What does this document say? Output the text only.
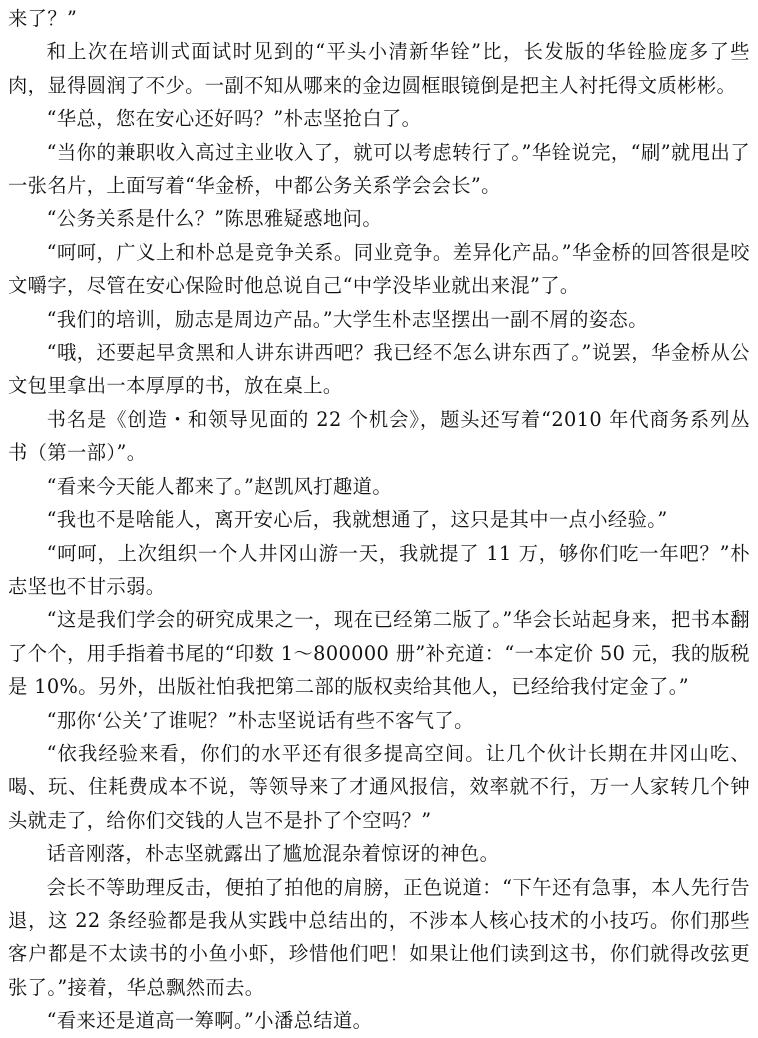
来了？”

和上次在培训式面试时见到的“平头小清新华铨”比，长发版的华铨脸庞多了些肉，显得圆润了不少。一副不知从哪来的金边圆框眼镜倒是把主人衬托得文质彬彬。

“华总，您在安心还好吗？”朴志坚抢白了。

“当你的兼职收入高过主业收入了，就可以考虑转行了。”华铨说完，“刷”就甩出了一张名片，上面写着“华金桥，中都公务关系学会会长”。

“公务关系是什么？”陈思雅疑惑地问。

“呵呵，广义上和朴总是竞争关系。同业竞争。差异化产品。”华金桥的回答很是咬文嚼字，尽管在安心保险时他总说自己“中学没毕业就出来混”了。

“我们的培训，励志是周边产品。”大学生朴志坚摆出一副不屑的姿态。

“哦，还要起早贪黑和人讲东讲西吧？我已经不怎么讲东西了。”说罢，华金桥从公文包里拿出一本厚厚的书，放在桌上。

书名是《创造・和领导见面的 22 个机会》，题头还写着“2010 年代商务系列丛书（第一部）”。

“看来今天能人都来了。”赵凯风打趣道。

“我也不是啥能人，离开安心后，我就想通了，这只是其中一点小经验。”

“呵呵，上次组织一个人井冈山游一天，我就提了 11 万，够你们吃一年吧？”朴志坚也不甘示弱。

“这是我们学会的研究成果之一，现在已经第二版了。”华会长站起身来，把书本翻了个个，用手指着书尾的“印数 1～800000 册”补充道：“一本定价 50 元，我的版税是 10%。另外，出版社怕我把第二部的版权卖给其他人，已经给我付定金了。”

“那你‘公关’了谁呢？”朴志坚说话有些不客气了。

“依我经验来看，你们的水平还有很多提高空间。让几个伙计长期在井冈山吃、喝、玩、住耗费成本不说，等领导来了才通风报信，效率就不行，万一人家转几个钟头就走了，给你们交钱的人岂不是扑了个空吗？”

话音刚落，朴志坚就露出了尴尬混杂着惊讶的神色。

会长不等助理反击，便拍了拍他的肩膀，正色说道：“下午还有急事，本人先行告退，这 22 条经验都是我从实践中总结出的，不涉本人核心技术的小技巧。你们那些客户都是不太读书的小鱼小虾，珍惜他们吧！如果让他们读到这书，你们就得改弦更张了。”接着，华总飘然而去。

“看来还是道高一筹啊。”小潘总结道。
